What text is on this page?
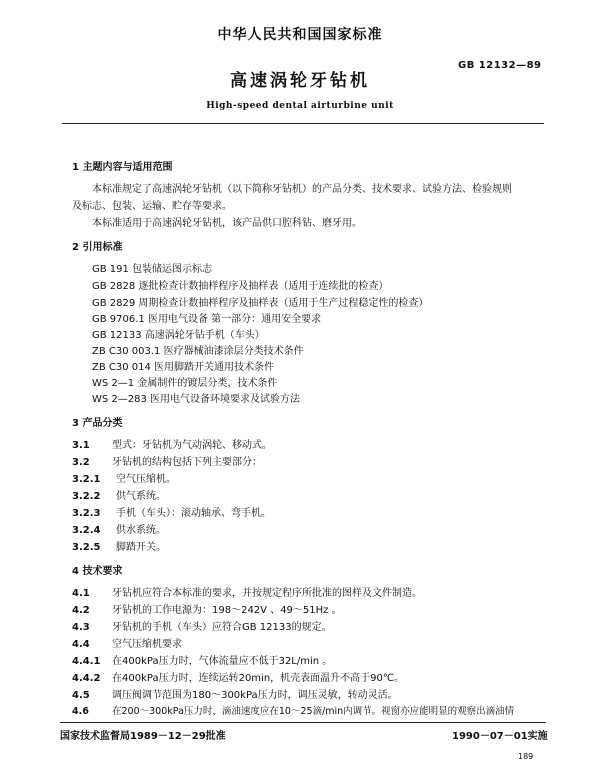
中华人民共和国国家标准
GB 12132—89
高速涡轮牙钻机
High-speed dental airturbine unit
1 主题内容与适用范围
本标准规定了高速涡轮牙钻机（以下简称牙钻机）的产品分类、技术要求、试验方法、检验规则
及标志、包装、运输、贮存等要求。
本标准适用于高速涡轮牙钻机，该产品供口腔科钻、磨牙用。
2 引用标准
GB 191 包装储运图示标志
GB 2828 逐批检查计数抽样程序及抽样表（适用于连续批的检查）
GB 2829 周期检查计数抽样程序及抽样表（适用于生产过程稳定性的检查）
GB 9706.1 医用电气设备 第一部分：通用安全要求
GB 12133 高速涡轮牙钻手机（车头）
ZB C30 003.1 医疗器械油漆涂层分类技术条件
ZB C30 014 医用脚踏开关通用技术条件
WS 2—1 金属制件的镀层分类，技术条件
WS 2—283 医用电气设备环境要求及试验方法
3 产品分类
3.1 型式：牙钻机为气动涡轮、移动式。
3.2 牙钻机的结构包括下列主要部分：
3.2.1 空气压缩机。
3.2.2 供气系统。
3.2.3 手机（车头）：滚动轴承、弯手机。
3.2.4 供水系统。
3.2.5 脚踏开关。
4 技术要求
4.1 牙钻机应符合本标准的要求，并按规定程序所批准的图样及文件制造。
4.2 牙钻机的工作电源为：198～242V 、49～51Hz 。
4.3 牙钻机的手机（车头）应符合GB 12133的规定。
4.4 空气压缩机要求
4.4.1 在400kPa压力时，气体流量应不低于32L/min 。
4.4.2 在400kPa压力时，连续运转20min，机壳表面温升不高于90℃。
4.5 调压阀调节范围为180～300kPa压力时，调压灵敏，转动灵活。
4.6 在200～300kPa压力时，滴油速度应在10～25滴/min内调节。视窗亦应能明显的观察出滴油情
国家技术监督局1989－12－29批准	1990－07－01实施
189
